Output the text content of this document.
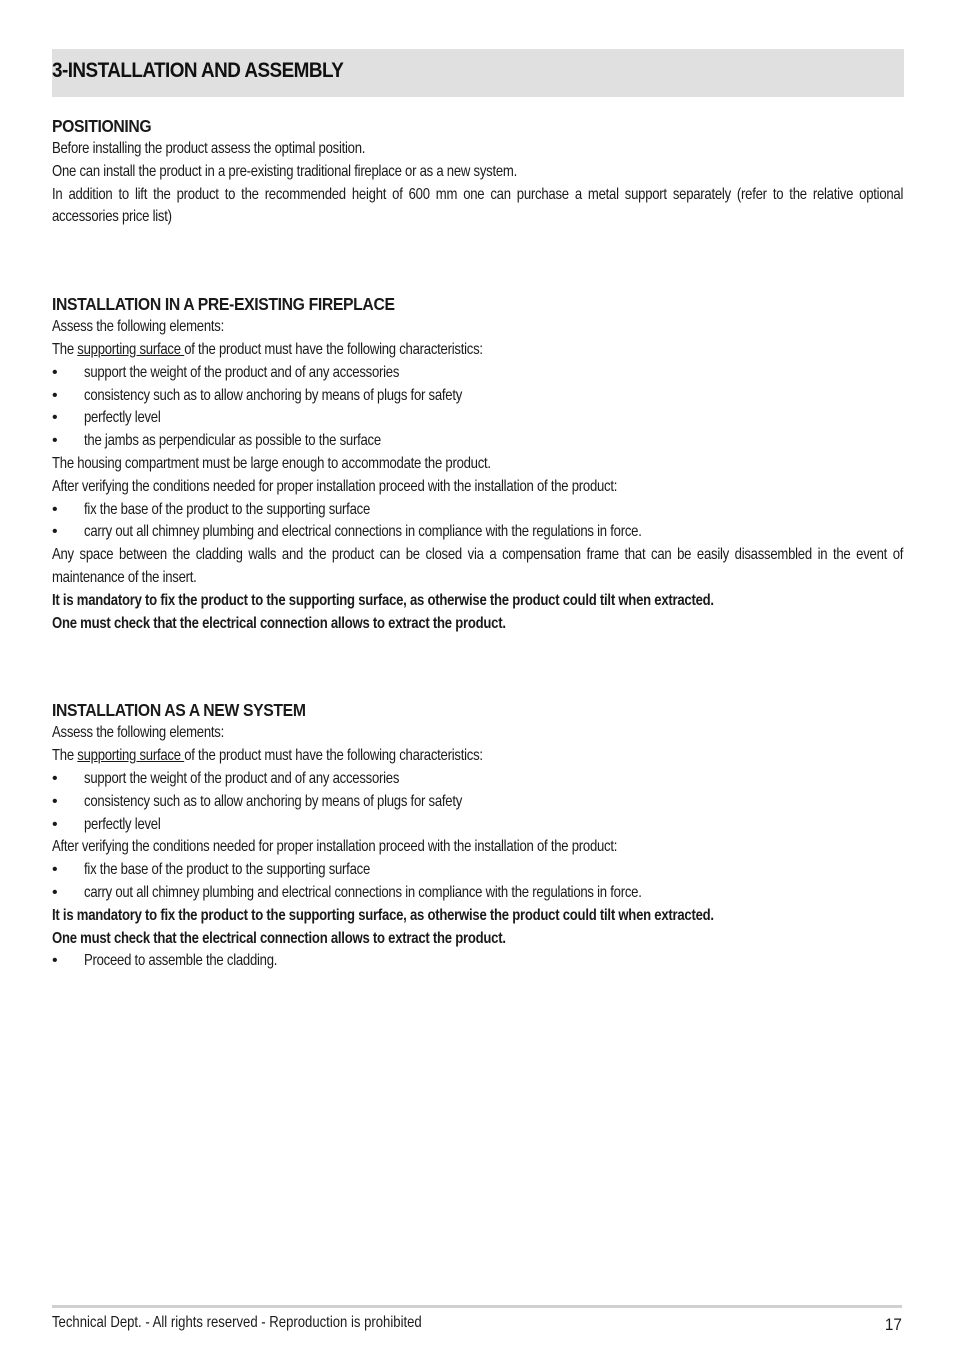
3-INSTALLATION AND ASSEMBLY

POSITIONING

Before installing the product assess the optimal position.

One can install the product in a pre-existing traditional fireplace or as a new system.

In addition to lift the product to the recommended height of 600 mm one can purchase a metal support separately (refer to the relative optional accessories price list)

INSTALLATION IN A PRE-EXISTING FIREPLACE

Assess the following elements:

The supporting surface of the product must have the following characteristics:

• support the weight of the product and of any accessories
• consistency such as to allow anchoring by means of plugs for safety
• perfectly level
• the jambs as perpendicular as possible to the surface

The housing compartment must be large enough to accommodate the product.

After verifying the conditions needed for proper installation proceed with the installation of the product:

• fix the base of the product to the supporting surface
• carry out all chimney plumbing and electrical connections in compliance with the regulations in force.

Any space between the cladding walls and the product can be closed via a compensation frame that can be easily disassembled in the event of maintenance of the insert.

It is mandatory to fix the product to the supporting surface, as otherwise the product could tilt when extracted.

One must check that the electrical connection allows to extract the product.

INSTALLATION AS A NEW SYSTEM

Assess the following elements:

The supporting surface of the product must have the following characteristics:

• support the weight of the product and of any accessories
• consistency such as to allow anchoring by means of plugs for safety
• perfectly level

After verifying the conditions needed for proper installation proceed with the installation of the product:

• fix the base of the product to the supporting surface
• carry out all chimney plumbing and electrical connections in compliance with the regulations in force.

It is mandatory to fix the product to the supporting surface, as otherwise the product could tilt when extracted.

One must check that the electrical connection allows to extract the product.

• Proceed to assemble the cladding.
Technical Dept. - All rights reserved - Reproduction is prohibited	17
